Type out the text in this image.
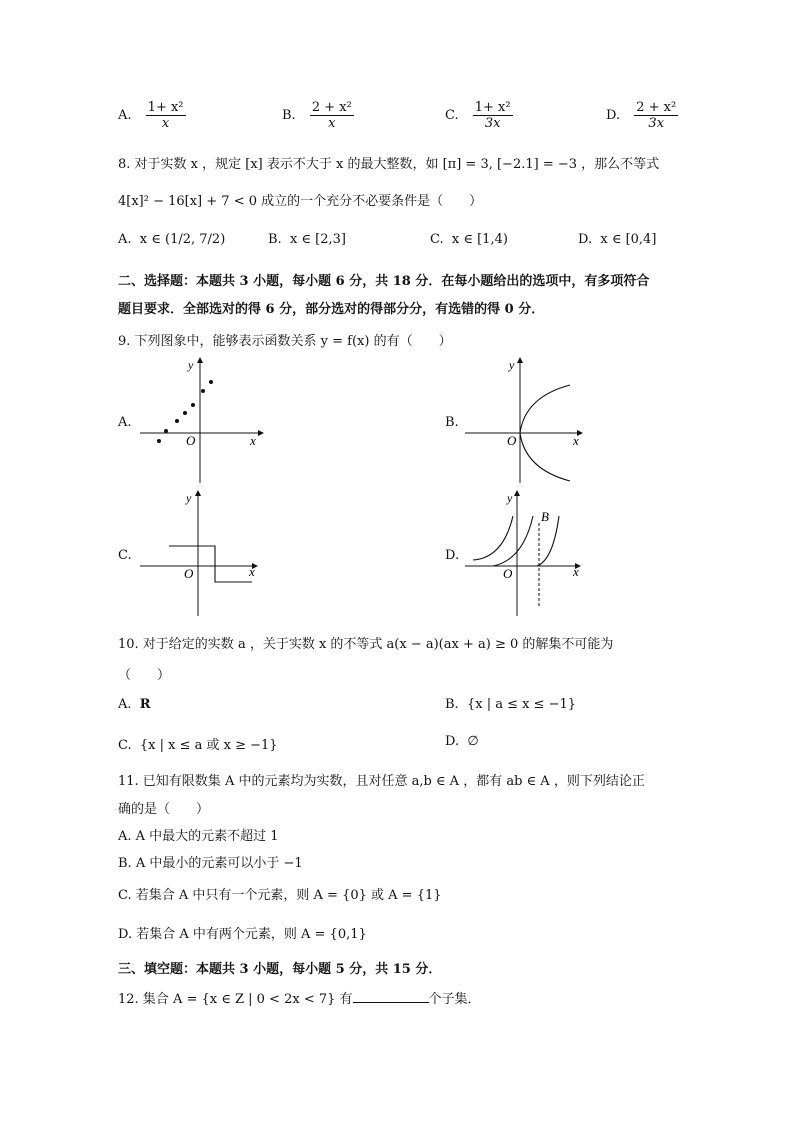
A. $\frac{\text{1+ x²}}{x}$	B. $\frac{\text{2 + x²}}{x}$	C. $\frac{\text{1+ x²}}{3x}$	D. $\frac{\text{2 + x²}}{3x}$
8. 对于实数 x ，规定 [x] 表示不大于 x 的最大整数，如 [π] = 3, [−2.1] = −3 ，那么不等式
4[x]² − 16[x] + 7 < 0 成立的一个充分不必要条件是（　　）
A. x ∈ (1/2, 7/2)	B. x ∈ [2,3]	C. x ∈ [1,4)	D. x ∈ [0,4]
二、选择题：本题共 3 小题，每小题 6 分，共 18 分．在每小题给出的选项中，有多项符合
题目要求．全部选对的得 6 分，部分选对的得部分分，有选错的得 0 分．
9. 下列图象中，能够表示函数关系 y = f(x) 的有（　　）
A.	B.
C.	D.
x
y
O	x
y
O
x
y
O	x
y
O
B
10. 对于给定的实数 a ，关于实数 x 的不等式 a(x − a)(ax + a) ≥ 0 的解集不可能为
（　　）
A. R	B. {x | a ≤ x ≤ −1}
C. {x | x ≤ a 或 x ≥ −1}	D. ∅
11. 已知有限数集 A 中的元素均为实数，且对任意 a,b ∈ A ，都有 ab ∈ A ，则下列结论正
确的是（　　）
A. A 中最大的元素不超过 1
B. A 中最小的元素可以小于 −1
C. 若集合 A 中只有一个元素，则 A = {0} 或 A = {1}
D. 若集合 A 中有两个元素，则 A = {0,1}
三、填空题：本题共 3 小题，每小题 5 分，共 15 分．
12. 集合 A = {x ∈ Z | 0 < 2x < 7} 有	个子集．
